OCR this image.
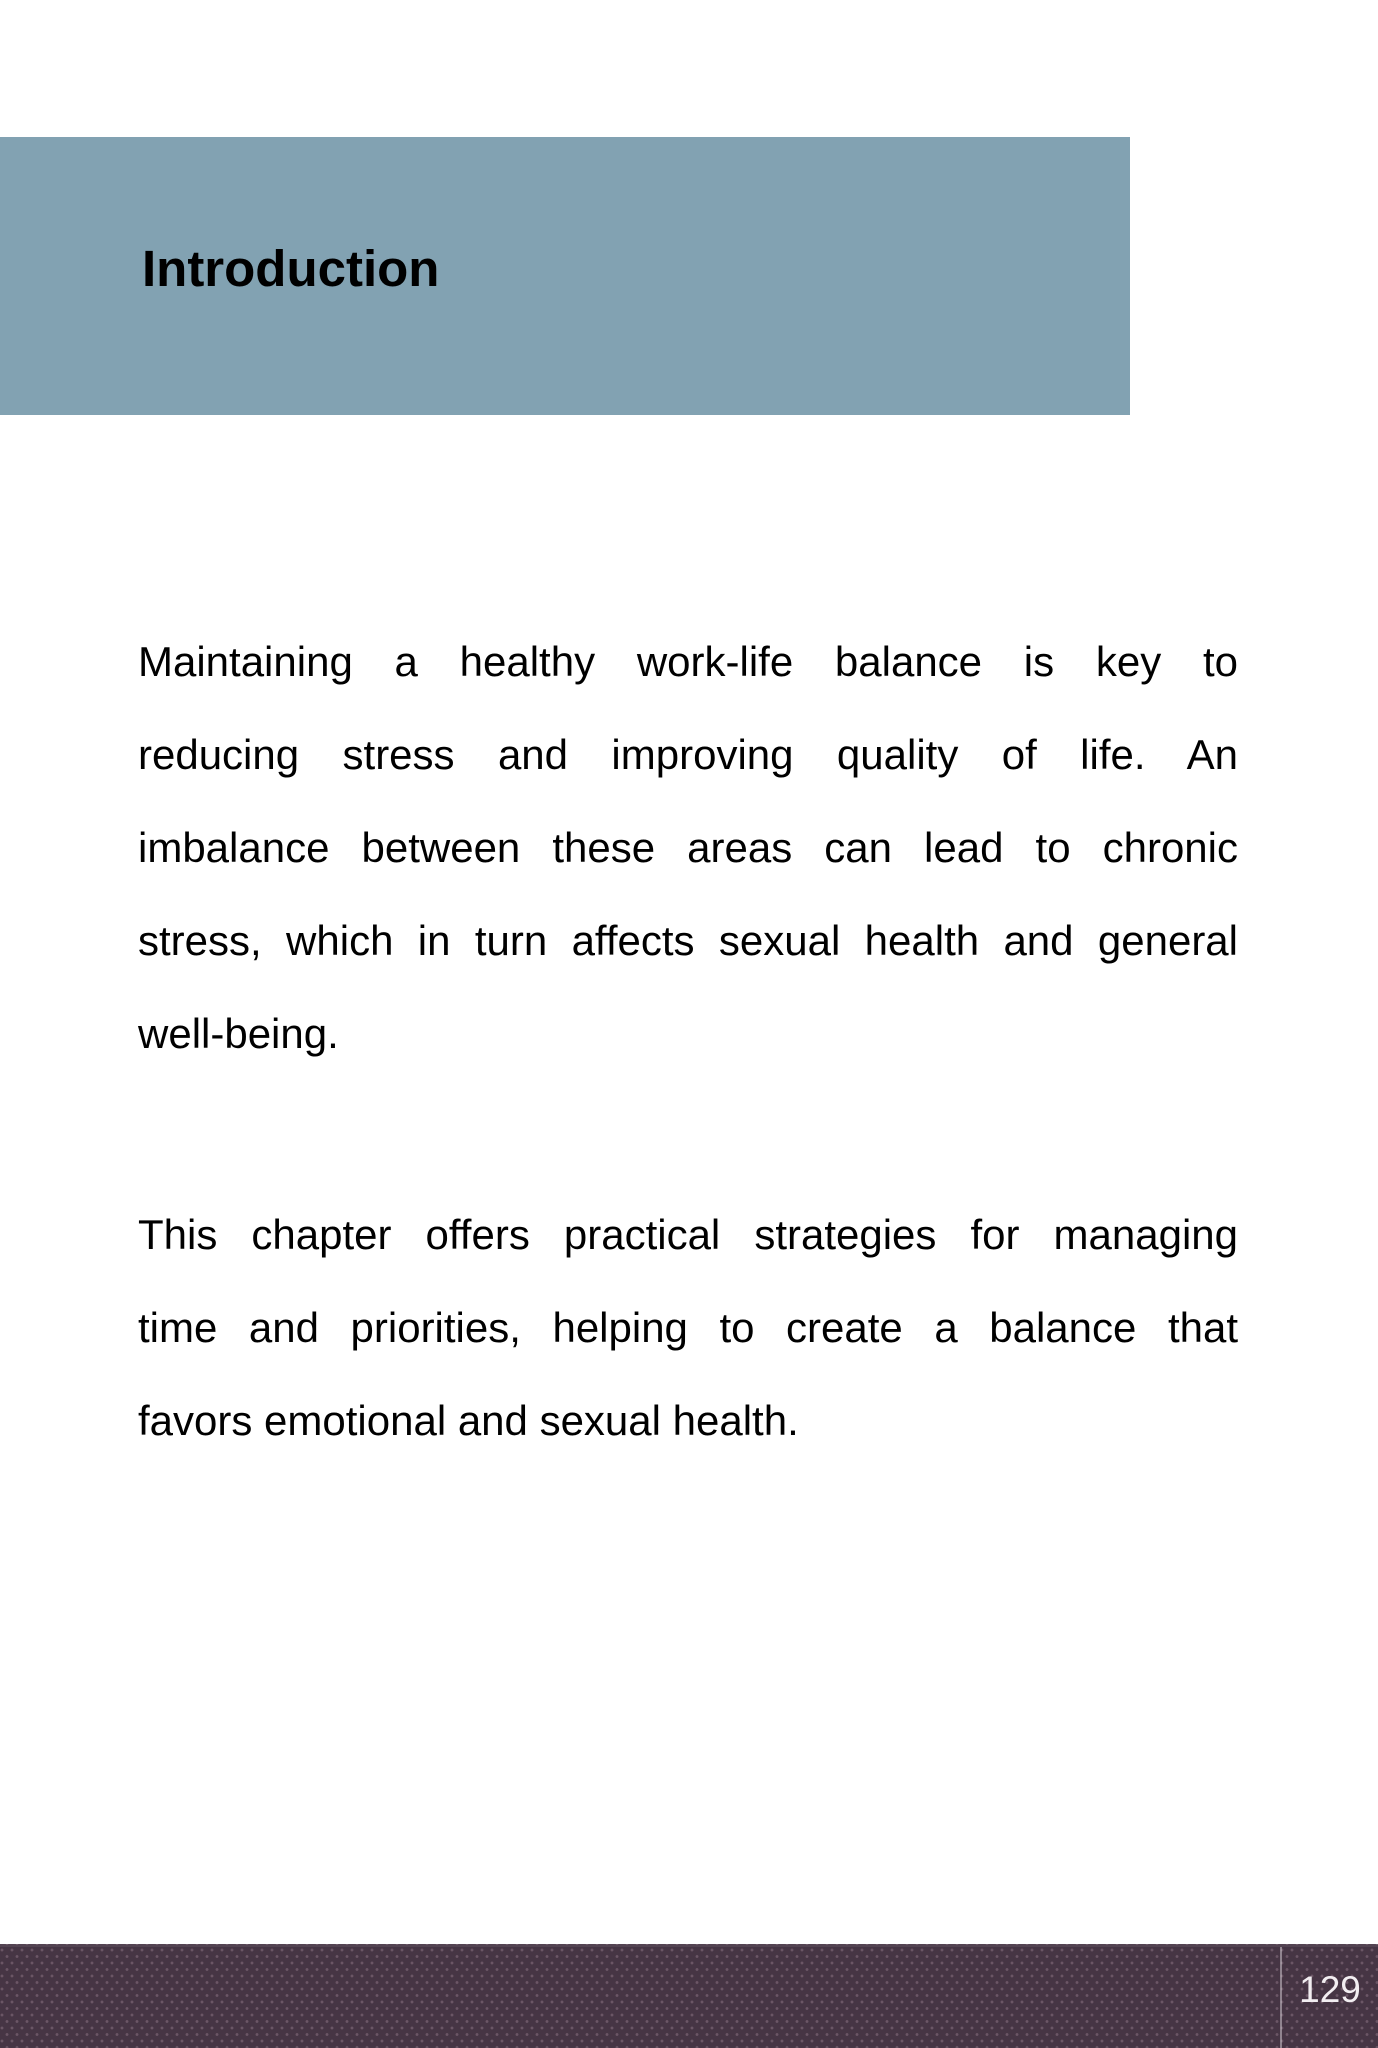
Introduction
Maintaining a healthy work-life balance is key to
reducing stress and improving quality of life. An
imbalance between these areas can lead to chronic
stress, which in turn affects sexual health and general
well-being.
This chapter offers practical strategies for managing
time and priorities, helping to create a balance that
favors emotional and sexual health.
129
